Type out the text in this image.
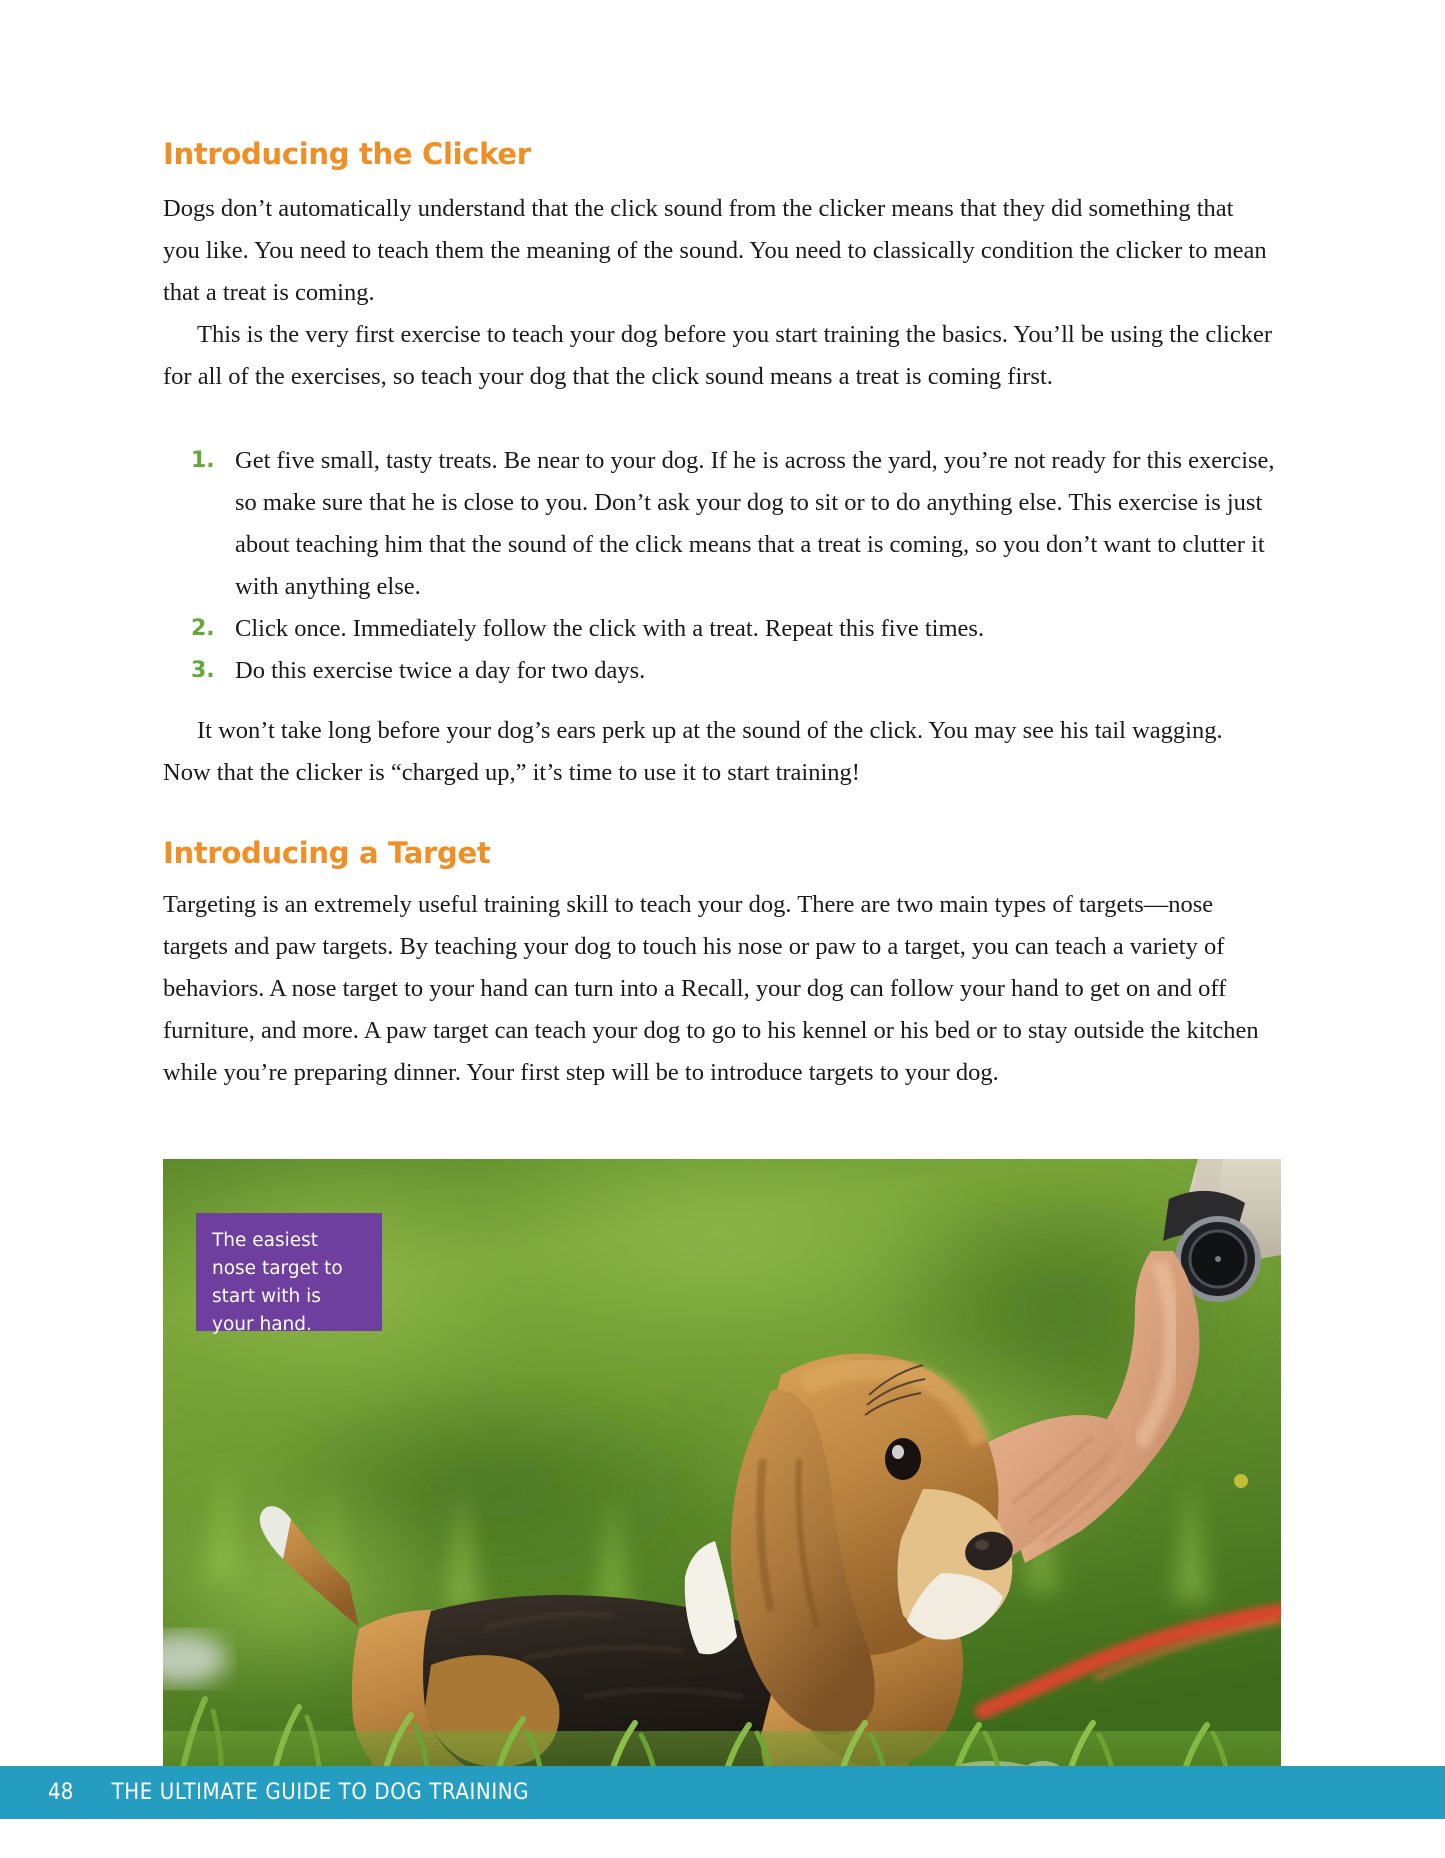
Introducing the Clicker

Dogs don’t automatically understand that the click sound from the clicker means that they did something that you like. You need to teach them the meaning of the sound. You need to classically condition the clicker to mean that a treat is coming.

This is the very first exercise to teach your dog before you start training the basics. You’ll be using the clicker for all of the exercises, so teach your dog that the click sound means a treat is coming first.

1. Get five small, tasty treats. Be near to your dog. If he is across the yard, you’re not ready for this exercise, so make sure that he is close to you. Don’t ask your dog to sit or to do anything else. This exercise is just about teaching him that the sound of the click means that a treat is coming, so you don’t want to clutter it with anything else.
2. Click once. Immediately follow the click with a treat. Repeat this five times.
3. Do this exercise twice a day for two days.

It won’t take long before your dog’s ears perk up at the sound of the click. You may see his tail wagging. Now that the clicker is “charged up,” it’s time to use it to start training!

Introducing a Target

Targeting is an extremely useful training skill to teach your dog. There are two main types of targets—nose targets and paw targets. By teaching your dog to touch his nose or paw to a target, you can teach a variety of behaviors. A nose target to your hand can turn into a Recall, your dog can follow your hand to get on and off furniture, and more. A paw target can teach your dog to go to his kennel or his bed or to stay outside the kitchen while you’re preparing dinner. Your first step will be to introduce targets to your dog.

The easiest nose target to start with is your hand.
48 THE ULTIMATE GUIDE TO DOG TRAINING
